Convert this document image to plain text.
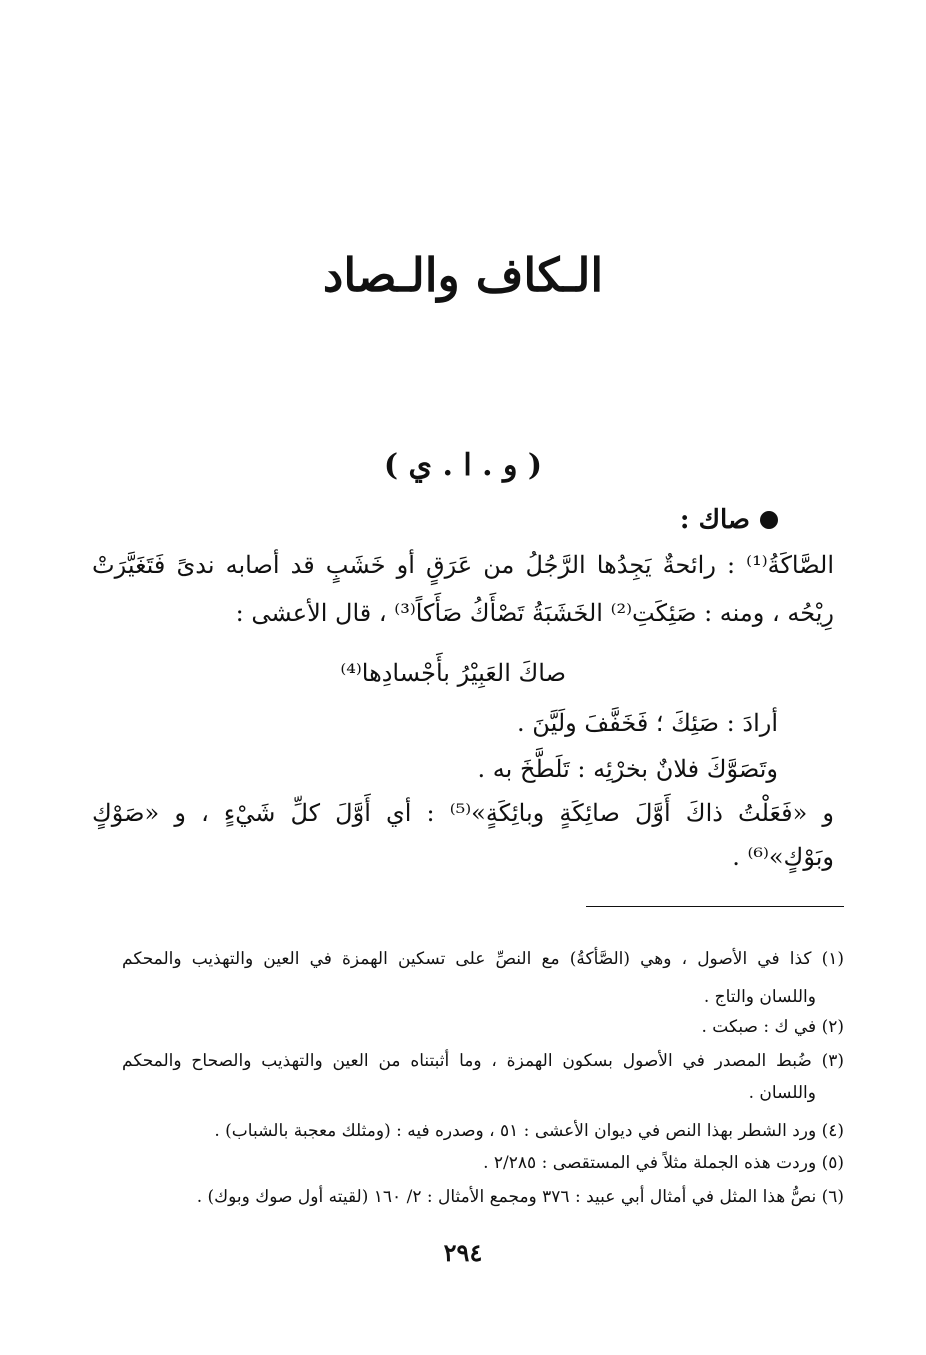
الـكاف والـصاد
( و . ا . ي )
صاك :
الصَّاكَةُ⁽¹⁾ : رائحةٌ يَجِدُها الرَّجُلُ من عَرَقٍ أو خَشَبٍ قد أصابه ندىً فَتَغَيَّرَتْ
رِيْحُه ، ومنه : صَئِكَتِ⁽²⁾ الخَشَبَةُ تَصْأَكُ صَأَكاً⁽³⁾ ، قال الأعشى :
صاكَ العَبِيْرُ بأَجْسادِها⁽⁴⁾
أرادَ : صَئِكَ ؛ فَخَفَّفَ ولَيَّنَ .
وتَصَوَّكَ فلانٌ بخرْئِه : تَلَطَّخَ به .
و «فَعَلْتُ ذاكَ أَوَّلَ صائِكَةٍ وبائِكَةٍ»⁽⁵⁾ : أي أَوَّلَ كلِّ شَيْءٍ ، و «صَوْكٍ
وبَوْكٍ»⁽⁶⁾ .
(١) كذا في الأصول ، وهي (الصَّأكةُ) مع النصِّ على تسكين الهمزة في العين والتهذيب والمحكم
واللسان والتاج .
(٢) في ك : صبكت .
(٣) ضُبط المصدر في الأصول بسكون الهمزة ، وما أثبتناه من العين والتهذيب والصحاح والمحكم
واللسان .
(٤) ورد الشطر بهذا النص في ديوان الأعشى : ٥١ ، وصدره فيه : (ومثلك معجبة بالشباب) .
(٥) وردت هذه الجملة مثلاً في المستقصى : ٢/٢٨٥ .
(٦) نصُّ هذا المثل في أمثال أبي عبيد : ٣٧٦ ومجمع الأمثال : ٢/ ١٦٠ (لقيته أول صوك وبوك) .
٢٩٤
